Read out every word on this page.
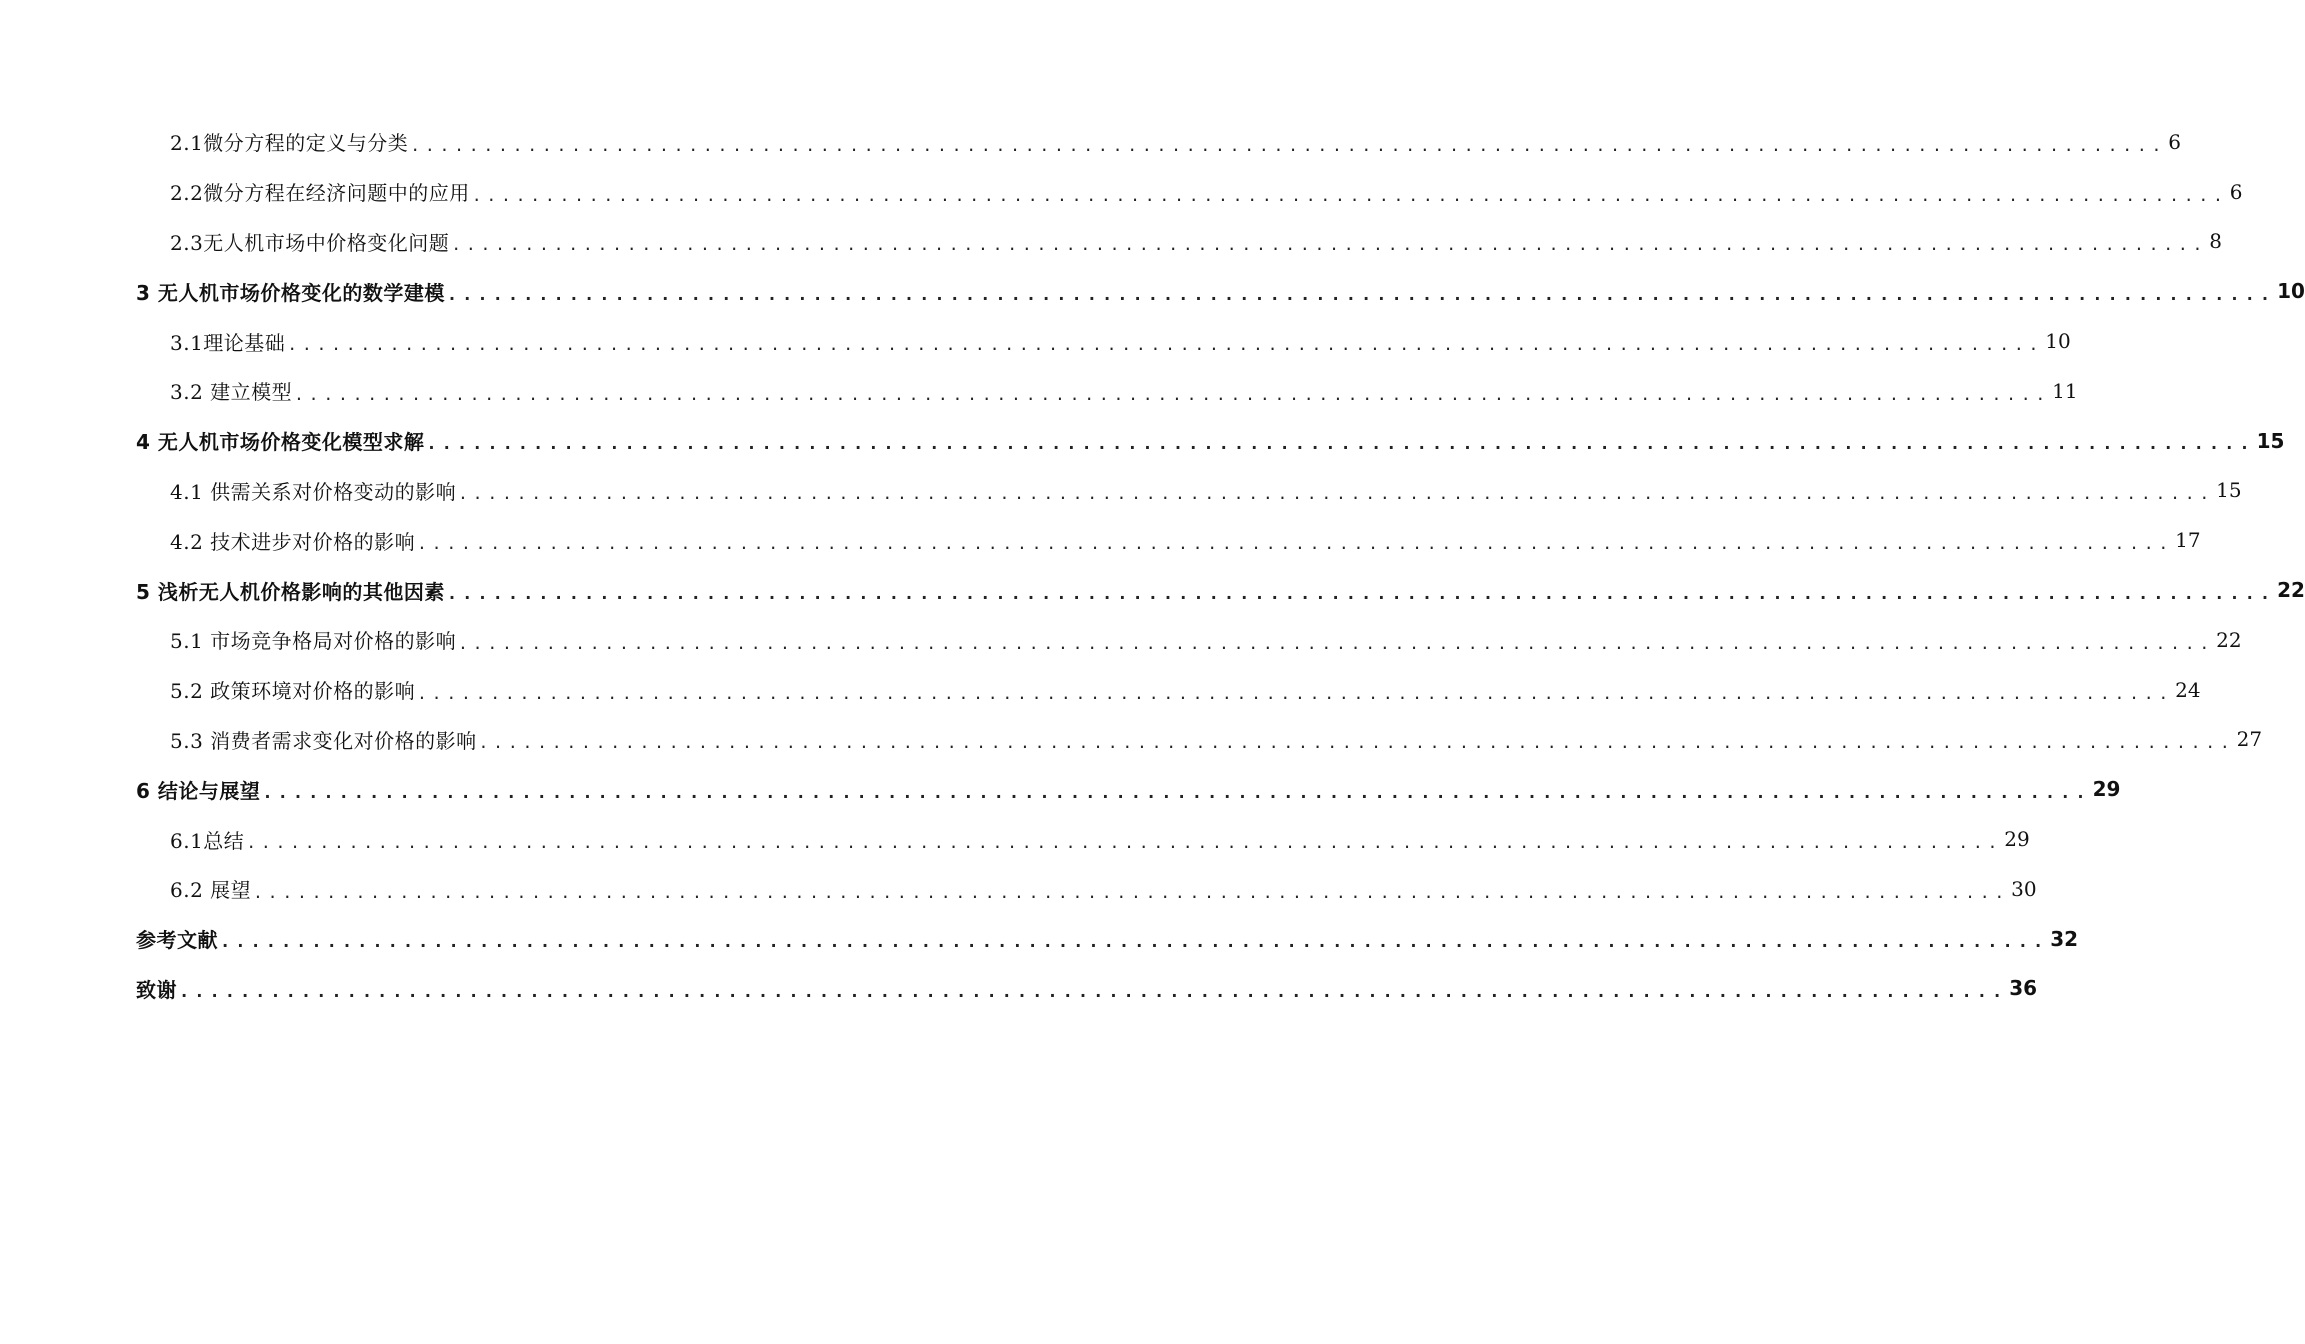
2.1微分方程的定义与分类 ........................................................................................................................ 6
2.2微分方程在经济问题中的应用 ........................................................................................................................ 6
2.3无人机市场中价格变化问题 ........................................................................................................................ 8
3 无人机市场价格变化的数学建模 ........................................................................................................................ 10
3.1理论基础 ........................................................................................................................ 10
3.2 建立模型 ........................................................................................................................ 11
4 无人机市场价格变化模型求解 ........................................................................................................................ 15
4.1 供需关系对价格变动的影响 ........................................................................................................................ 15
4.2 技术进步对价格的影响 ........................................................................................................................ 17
5 浅析无人机价格影响的其他因素 ........................................................................................................................ 22
5.1 市场竞争格局对价格的影响 ........................................................................................................................ 22
5.2 政策环境对价格的影响 ........................................................................................................................ 24
5.3 消费者需求变化对价格的影响 ........................................................................................................................ 27
6 结论与展望 ........................................................................................................................ 29
6.1总结 ........................................................................................................................ 29
6.2 展望 ........................................................................................................................ 30
参考文献 ........................................................................................................................ 32
致谢 ........................................................................................................................ 36
